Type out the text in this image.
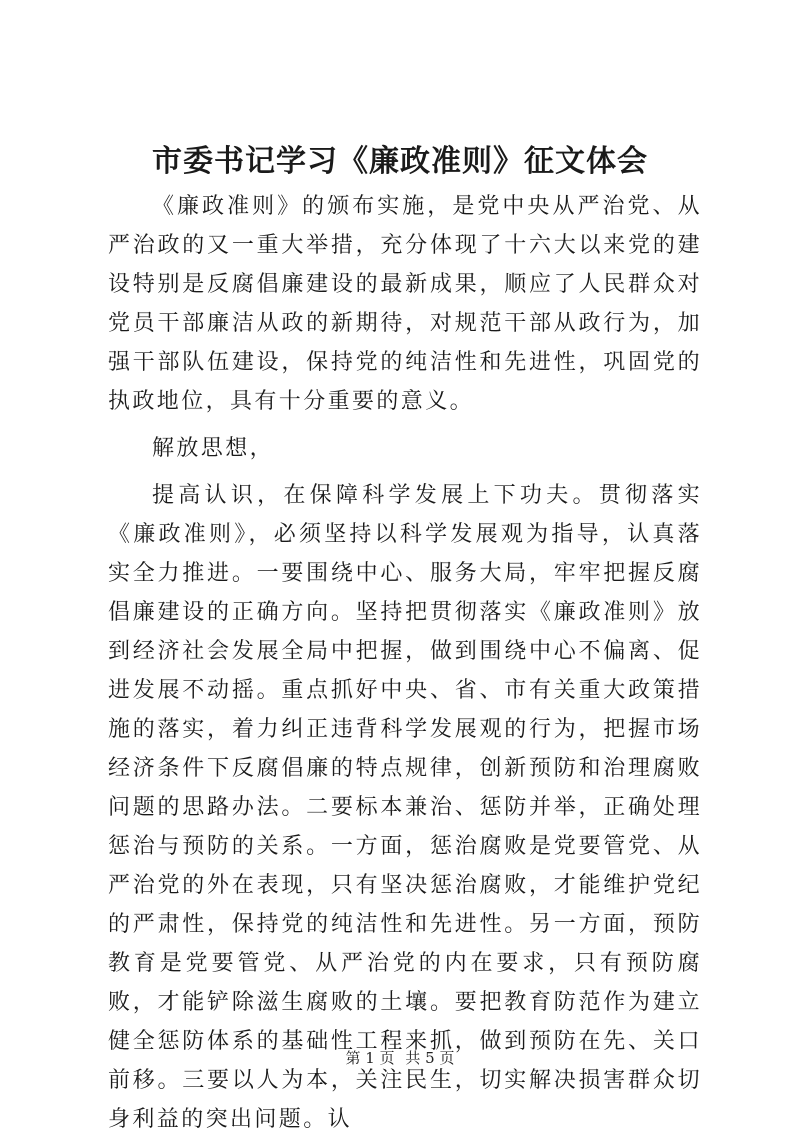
市委书记学习《廉政准则》征文体会

《廉政准则》的颁布实施，是党中央从严治党、从严治政的又一重大举措，充分体现了十六大以来党的建设特别是反腐倡廉建设的最新成果，顺应了人民群众对党员干部廉洁从政的新期待，对规范干部从政行为，加强干部队伍建设，保持党的纯洁性和先进性，巩固党的执政地位，具有十分重要的意义。

解放思想，

提高认识，在保障科学发展上下功夫。贯彻落实《廉政准则》，必须坚持以科学发展观为指导，认真落实全力推进。一要围绕中心、服务大局，牢牢把握反腐倡廉建设的正确方向。坚持把贯彻落实《廉政准则》放到经济社会发展全局中把握，做到围绕中心不偏离、促进发展不动摇。重点抓好中央、省、市有关重大政策措施的落实，着力纠正违背科学发展观的行为，把握市场经济条件下反腐倡廉的特点规律，创新预防和治理腐败问题的思路办法。二要标本兼治、惩防并举，正确处理惩治与预防的关系。一方面，惩治腐败是党要管党、从严治党的外在表现，只有坚决惩治腐败，才能维护党纪的严肃性，保持党的纯洁性和先进性。另一方面，预防教育是党要管党、从严治党的内在要求，只有预防腐败，才能铲除滋生腐败的土壤。要把教育防范作为建立健全惩防体系的基础性工程来抓，做到预防在先、关口前移。三要以人为本，关注民生，切实解决损害群众切身利益的突出问题。认

第 1 页 共 5 页
